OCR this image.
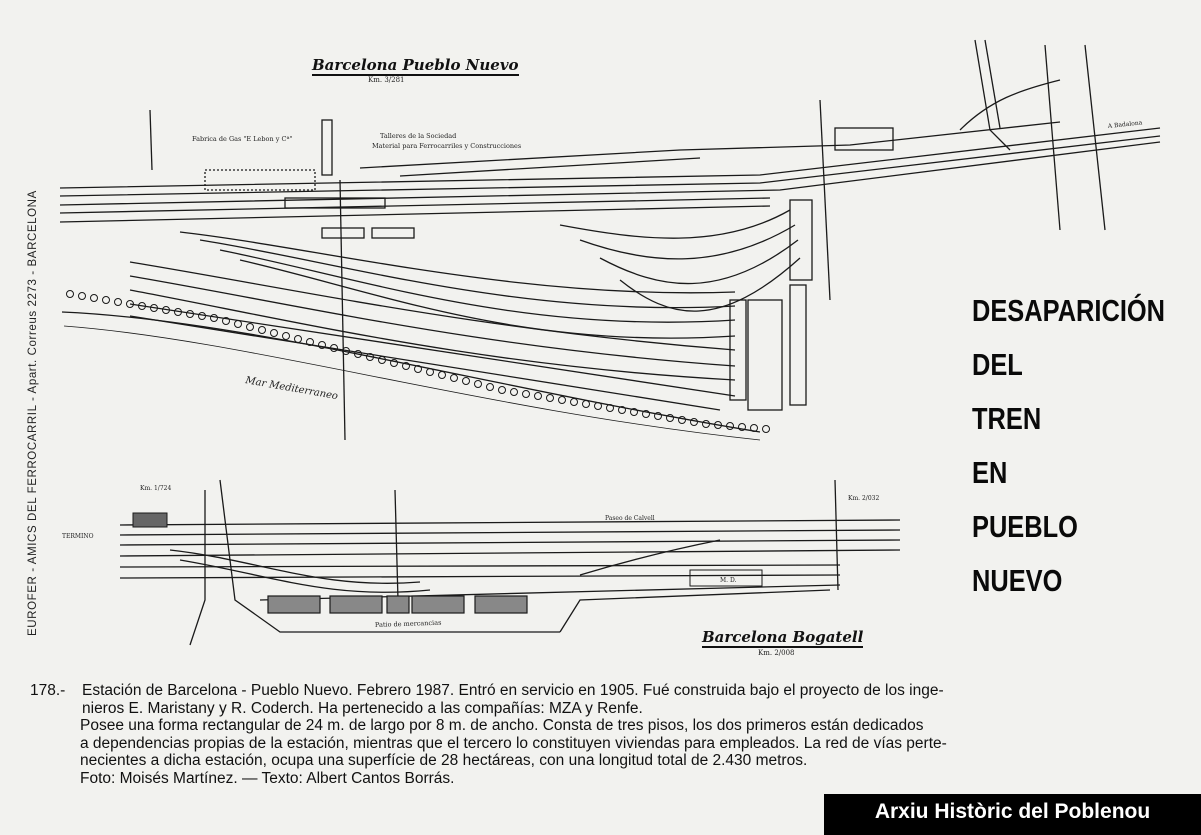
Fabrica de Gas "E Lebon y Cª"	Talleres de la Sociedad
Material para Ferrocarriles y Construcciones
Mar Mediterraneo
A Badalona
TERMINO
Patio de mercancias
Paseo de Calvell
Km. 1/724
Km. 2/032
M. D.
Barcelona Pueblo Nuevo
Km. 3/281
Barcelona Bogatell
Km. 2/008
EUROFER - AMICS DEL FERROCARRIL - Apart. Correus 2273 - BARCELONA	DESAPARICIÓN
DEL
TREN
EN
PUEBLO
NUEVO

178.- Estación de Barcelona - Pueblo Nuevo. Febrero 1987. Entró en servicio en 1905. Fué construida bajo el proyecto de los inge-

nieros E. Maristany y R. Coderch. Ha pertenecido a las compañías: MZA y Renfe.

Posee una forma rectangular de 24 m. de largo por 8 m. de ancho. Consta de tres pisos, los dos primeros están dedicados

a dependencias propias de la estación, mientras que el tercero lo constituyen viviendas para empleados. La red de vías perte-

necientes a dicha estación, ocupa una superfície de 28 hectáreas, con una longitud total de 2.430 metros.

Foto: Moisés Martínez. — Texto: Albert Cantos Borrás.

Arxiu Històric del Poblenou
